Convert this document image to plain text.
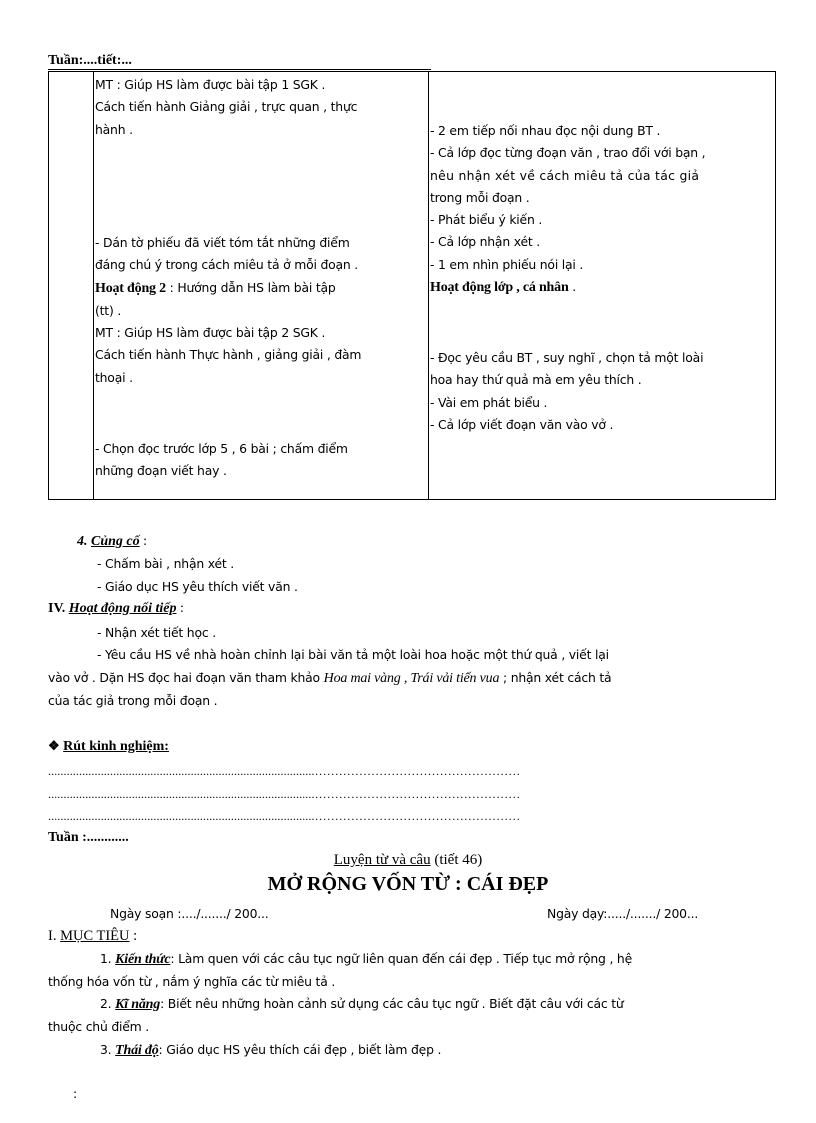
Tuần:....tiết:...
MT : Giúp HS làm được bài tập 1 SGK .
Cách tiến hành Giảng giải , trực quan , thực
hành .
- Dán tờ phiếu đã viết tóm tắt những điểm
đáng chú ý trong cách miêu tả ở mỗi đoạn .
Hoạt động 2 : Hướng dẫn HS làm bài tập
(tt) .
MT : Giúp HS làm được bài tập 2 SGK .
Cách tiến hành Thực hành , giảng giải , đàm
thoại .
- Chọn đọc trước lớp 5 , 6 bài ; chấm điểm
những đoạn viết hay .
- 2 em tiếp nối nhau đọc nội dung BT .
- Cả lớp đọc từng đoạn văn , trao đổi với bạn ,
nêu nhận xét về cách miêu tả của tác giả
trong mỗi đoạn .
- Phát biểu ý kiến .
- Cả lớp nhận xét .
- 1 em nhìn phiếu nói lại .
Hoạt động lớp , cá nhân .
- Đọc yêu cầu BT , suy nghĩ , chọn tả một loài
hoa hay thứ quả mà em yêu thích .
- Vài em phát biểu .
- Cả lớp viết đoạn văn vào vở .
4. Củng cố :
- Chấm bài , nhận xét .
- Giáo dục HS yêu thích viết văn .
IV. Hoạt động nối tiếp :
- Nhận xét tiết học .
- Yêu cầu HS về nhà hoàn chỉnh lại bài văn tả một loài hoa hoặc một thứ quả , viết lại
vào vở . Dặn HS đọc hai đoạn văn tham khảo Hoa mai vàng , Trái vải tiến vua ; nhận xét cách tả
của tác giả trong mỗi đoạn .
❖ Rút kinh nghiệm:
......................................................................................……………………………………………
......................................................................................……………………………………………
......................................................................................……………………………………………
Tuần :............
Luyện từ và câu (tiết 46)
MỞ RỘNG VỐN TỪ : CÁI ĐẸP
Ngày soạn :..../......./ 200...	Ngày dạy:...../......./ 200...
I. MỤC TIÊU :
1. Kiến thức: Làm quen với các câu tục ngữ liên quan đến cái đẹp . Tiếp tục mở rộng , hệ
thống hóa vốn từ , nắm ý nghĩa các từ miêu tả .
2. Kĩ năng: Biết nêu những hoàn cảnh sử dụng các câu tục ngữ . Biết đặt câu với các từ
thuộc chủ điểm .
3. Thái độ: Giáo dục HS yêu thích cái đẹp , biết làm đẹp .
:
